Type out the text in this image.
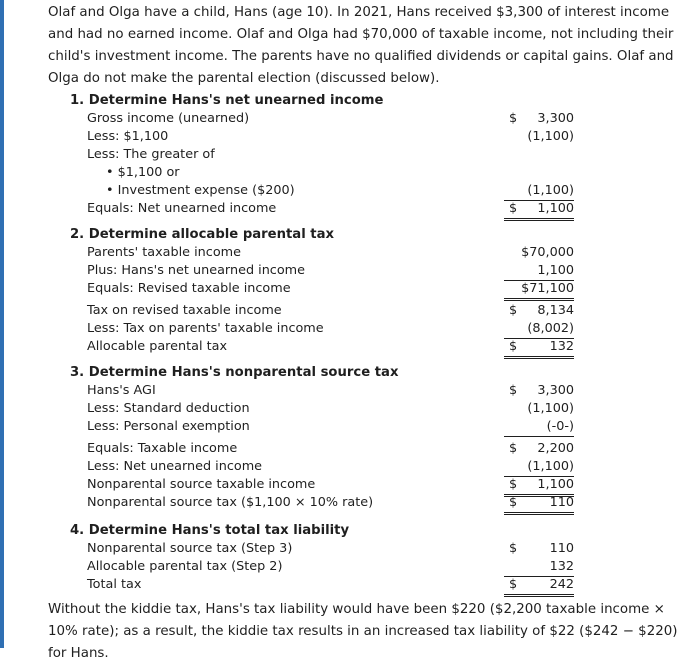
Olaf and Olga have a child, Hans (age 10). In 2021, Hans received $3,300 of interest income and had no earned income. Olaf and Olga had $70,000 of taxable income, not including their child's investment income. The parents have no qualified dividends or capital gains. Olaf and Olga do not make the parental election (discussed below).

1. Determine Hans's net unearned income
Gross income (unearned)	$ 3,300
Less: $1,100	(1,100)
Less: The greater of
• $1,100 or
• Investment expense ($200)	(1,100)
Equals: Net unearned income	$ 1,100
2. Determine allocable parental tax
Parents' taxable income	$70,000
Plus: Hans's net unearned income	1,100
Equals: Revised taxable income	$71,100
Tax on revised taxable income	$ 8,134
Less: Tax on parents' taxable income	(8,002)
Allocable parental tax	$	132
3. Determine Hans's nonparental source tax
Hans's AGI	$ 3,300
Less: Standard deduction	(1,100)
Less: Personal exemption	(-0-)
Equals: Taxable income	$ 2,200
Less: Net unearned income	(1,100)
Nonparental source taxable income	$ 1,100
Nonparental source tax ($1,100 × 10% rate)	$	110
4. Determine Hans's total tax liability
Nonparental source tax (Step 3)	$	110
Allocable parental tax (Step 2)	132
Total tax	$	242

Without the kiddie tax, Hans's tax liability would have been $220 ($2,200 taxable income × 10% rate); as a result, the kiddie tax results in an increased tax liability of $22 ($242 − $220) for Hans.
